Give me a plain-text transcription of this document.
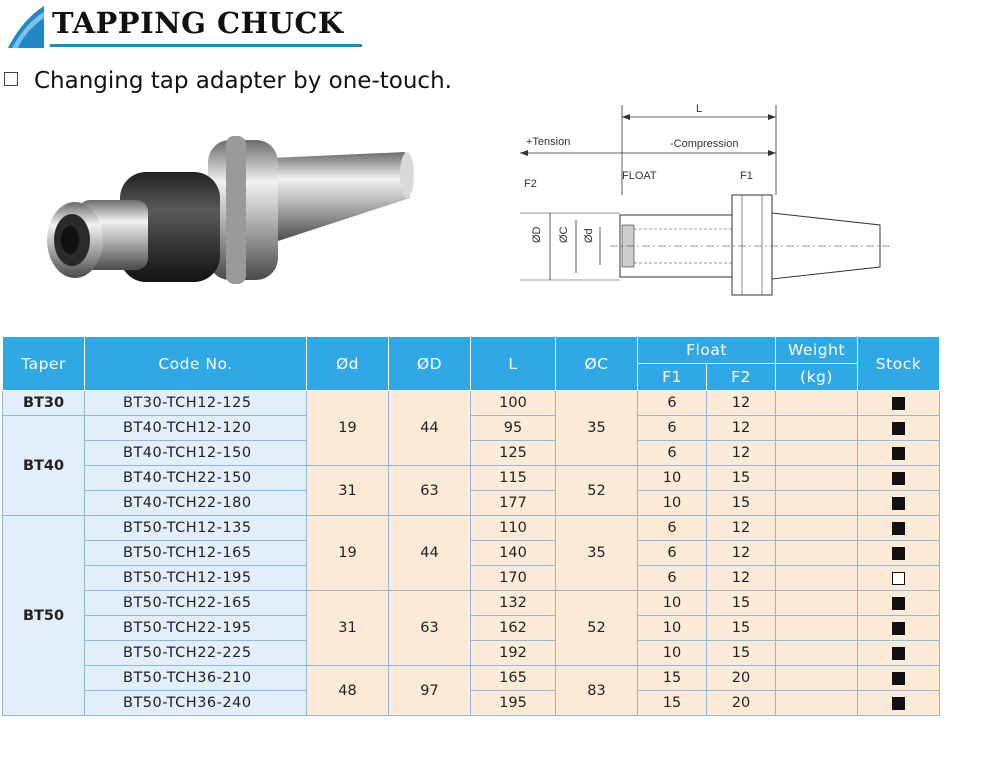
TAPPING CHUCK
Changing tap adapter by one-touch.
L
+Tension	-Compression
F2
FLOAT	F1
ØD ØC Ød
Taper	Code No.	Ød	ØD	L	ØC	Float		Weight	Stock
						F1	F2	(kg)	
BT30	BT30-TCH12-125	19	44	100	35	6	12		
BT40	BT40-TCH12-120			95		6	12		
	BT40-TCH12-150			125		6	12		
	BT40-TCH22-150	31	63	115	52	10	15		
	BT40-TCH22-180			177		10	15		
BT50	BT50-TCH12-135	19	44	110	35	6	12		
	BT50-TCH12-165			140		6	12		
	BT50-TCH12-195			170		6	12		
	BT50-TCH22-165	31	63	132	52	10	15		
	BT50-TCH22-195			162		10	15		
	BT50-TCH22-225			192		10	15		
	BT50-TCH36-210	48	97	165	83	15	20		
	BT50-TCH36-240			195		15	20		
